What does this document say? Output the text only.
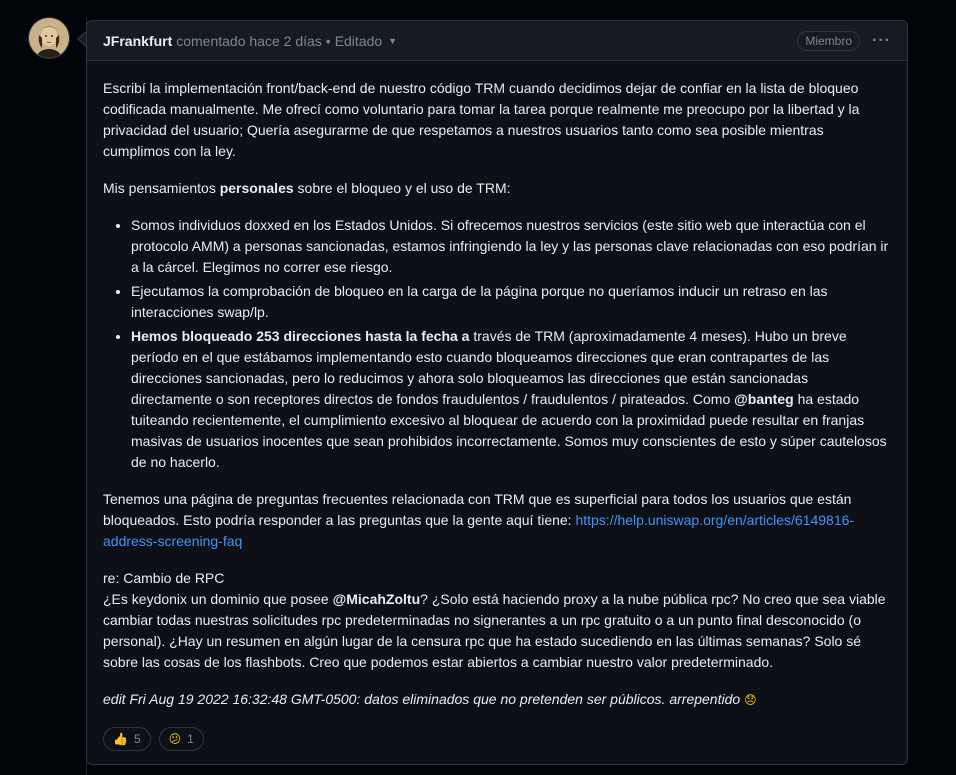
JFrankfurt comentado hace 2 días • Editado ▼	Miembro	···

Escribí la implementación front/back-end de nuestro código TRM cuando decidimos dejar de confiar en la lista de bloqueo codificada manualmente. Me ofrecí como voluntario para tomar la tarea porque realmente me preocupo por la libertad y la privacidad del usuario; Quería asegurarme de que respetamos a nuestros usuarios tanto como sea posible mientras cumplimos con la ley.

Mis pensamientos personales sobre el bloqueo y el uso de TRM:

• Somos individuos doxxed en los Estados Unidos. Si ofrecemos nuestros servicios (este sitio web que interactúa con el protocolo AMM) a personas sancionadas, estamos infringiendo la ley y las personas clave relacionadas con eso podrían ir a la cárcel. Elegimos no correr ese riesgo.
• Ejecutamos la comprobación de bloqueo en la carga de la página porque no queríamos inducir un retraso en las interacciones swap/lp.
• Hemos bloqueado 253 direcciones hasta la fecha a través de TRM (aproximadamente 4 meses). Hubo un breve período en el que estábamos implementando esto cuando bloqueamos direcciones que eran contrapartes de las direcciones sancionadas, pero lo reducimos y ahora solo bloqueamos las direcciones que están sancionadas directamente o son receptores directos de fondos fraudulentos / fraudulentos / pirateados. Como @banteg ha estado tuiteando recientemente, el cumplimiento excesivo al bloquear de acuerdo con la proximidad puede resultar en franjas masivas de usuarios inocentes que sean prohibidos incorrectamente. Somos muy conscientes de esto y súper cautelosos de no hacerlo.

Tenemos una página de preguntas frecuentes relacionada con TRM que es superficial para todos los usuarios que están bloqueados. Esto podría responder a las preguntas que la gente aquí tiene: https://help.uniswap.org/en/articles/6149816-address-screening-faq

re: Cambio de RPC
¿Es keydonix un dominio que posee @MicahZoltu? ¿Solo está haciendo proxy a la nube pública rpc? No creo que sea viable cambiar todas nuestras solicitudes rpc predeterminadas no signerantes a un rpc gratuito o a un punto final desconocido (o personal). ¿Hay un resumen en algún lugar de la censura rpc que ha estado sucediendo en las últimas semanas? Solo sé sobre las cosas de los flashbots. Creo que podemos estar abiertos a cambiar nuestro valor predeterminado.

edit Fri Aug 19 2022 16:32:48 GMT-0500: datos eliminados que no pretenden ser públicos. arrepentido 😞

👍 5 😕 1
